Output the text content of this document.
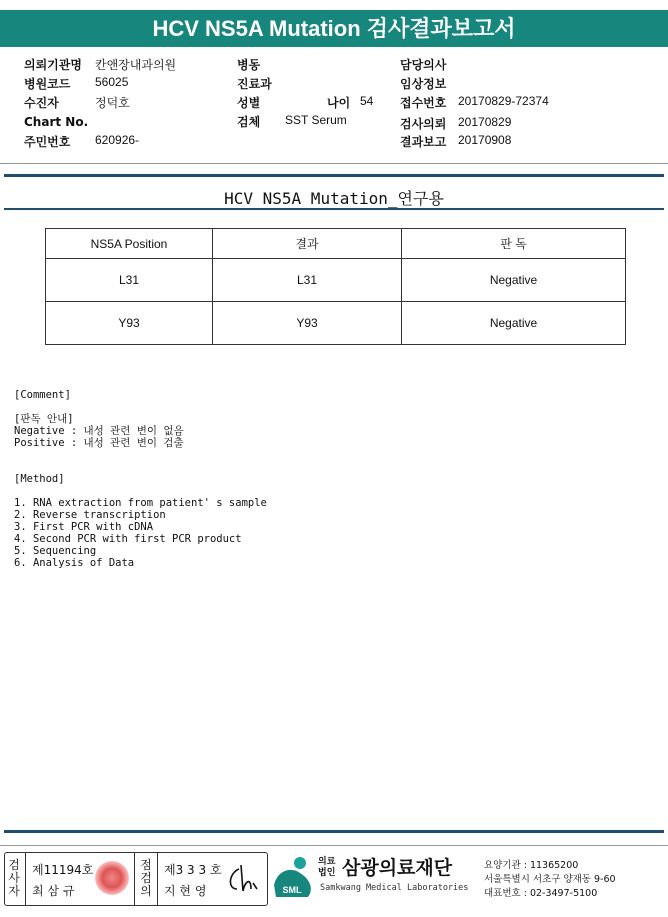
HCV NS5A Mutation 검사결과보고서
의뢰기관명 칸앤장내과의원
병원코드 56025
수진자	정덕호
Chart No.
주민번호 620926-
병동
진료과
성별	나이 54
검체 SST Serum
담당의사
임상정보
접수번호 20170829-72374
검사의뢰 20170829
결과보고 20170908
HCV NS5A Mutation_연구용
NS5A Position	결과	판 독
L31	L31	Negative
Y93	Y93	Negative
[Comment]
[판독 안내]
Negative : 내성 관련 변이 없음
Positive : 내성 관련 변이 검출
[Method]
1. RNA extraction from patient' s sample
2. Reverse transcription
3. First PCR with cDNA
4. Second PCR with first PCR product
5. Sequencing
6. Analysis of Data
검사자
제11194호
최 삼 규
점검의
제3 3 3 호
지 현 영	SML
의료
법인 삼광의료재단
Samkwang Medical Laboratories
요양기관 : 11365200
서울특별시 서초구 양재동 9-60
대표번호 : 02-3497-5100
